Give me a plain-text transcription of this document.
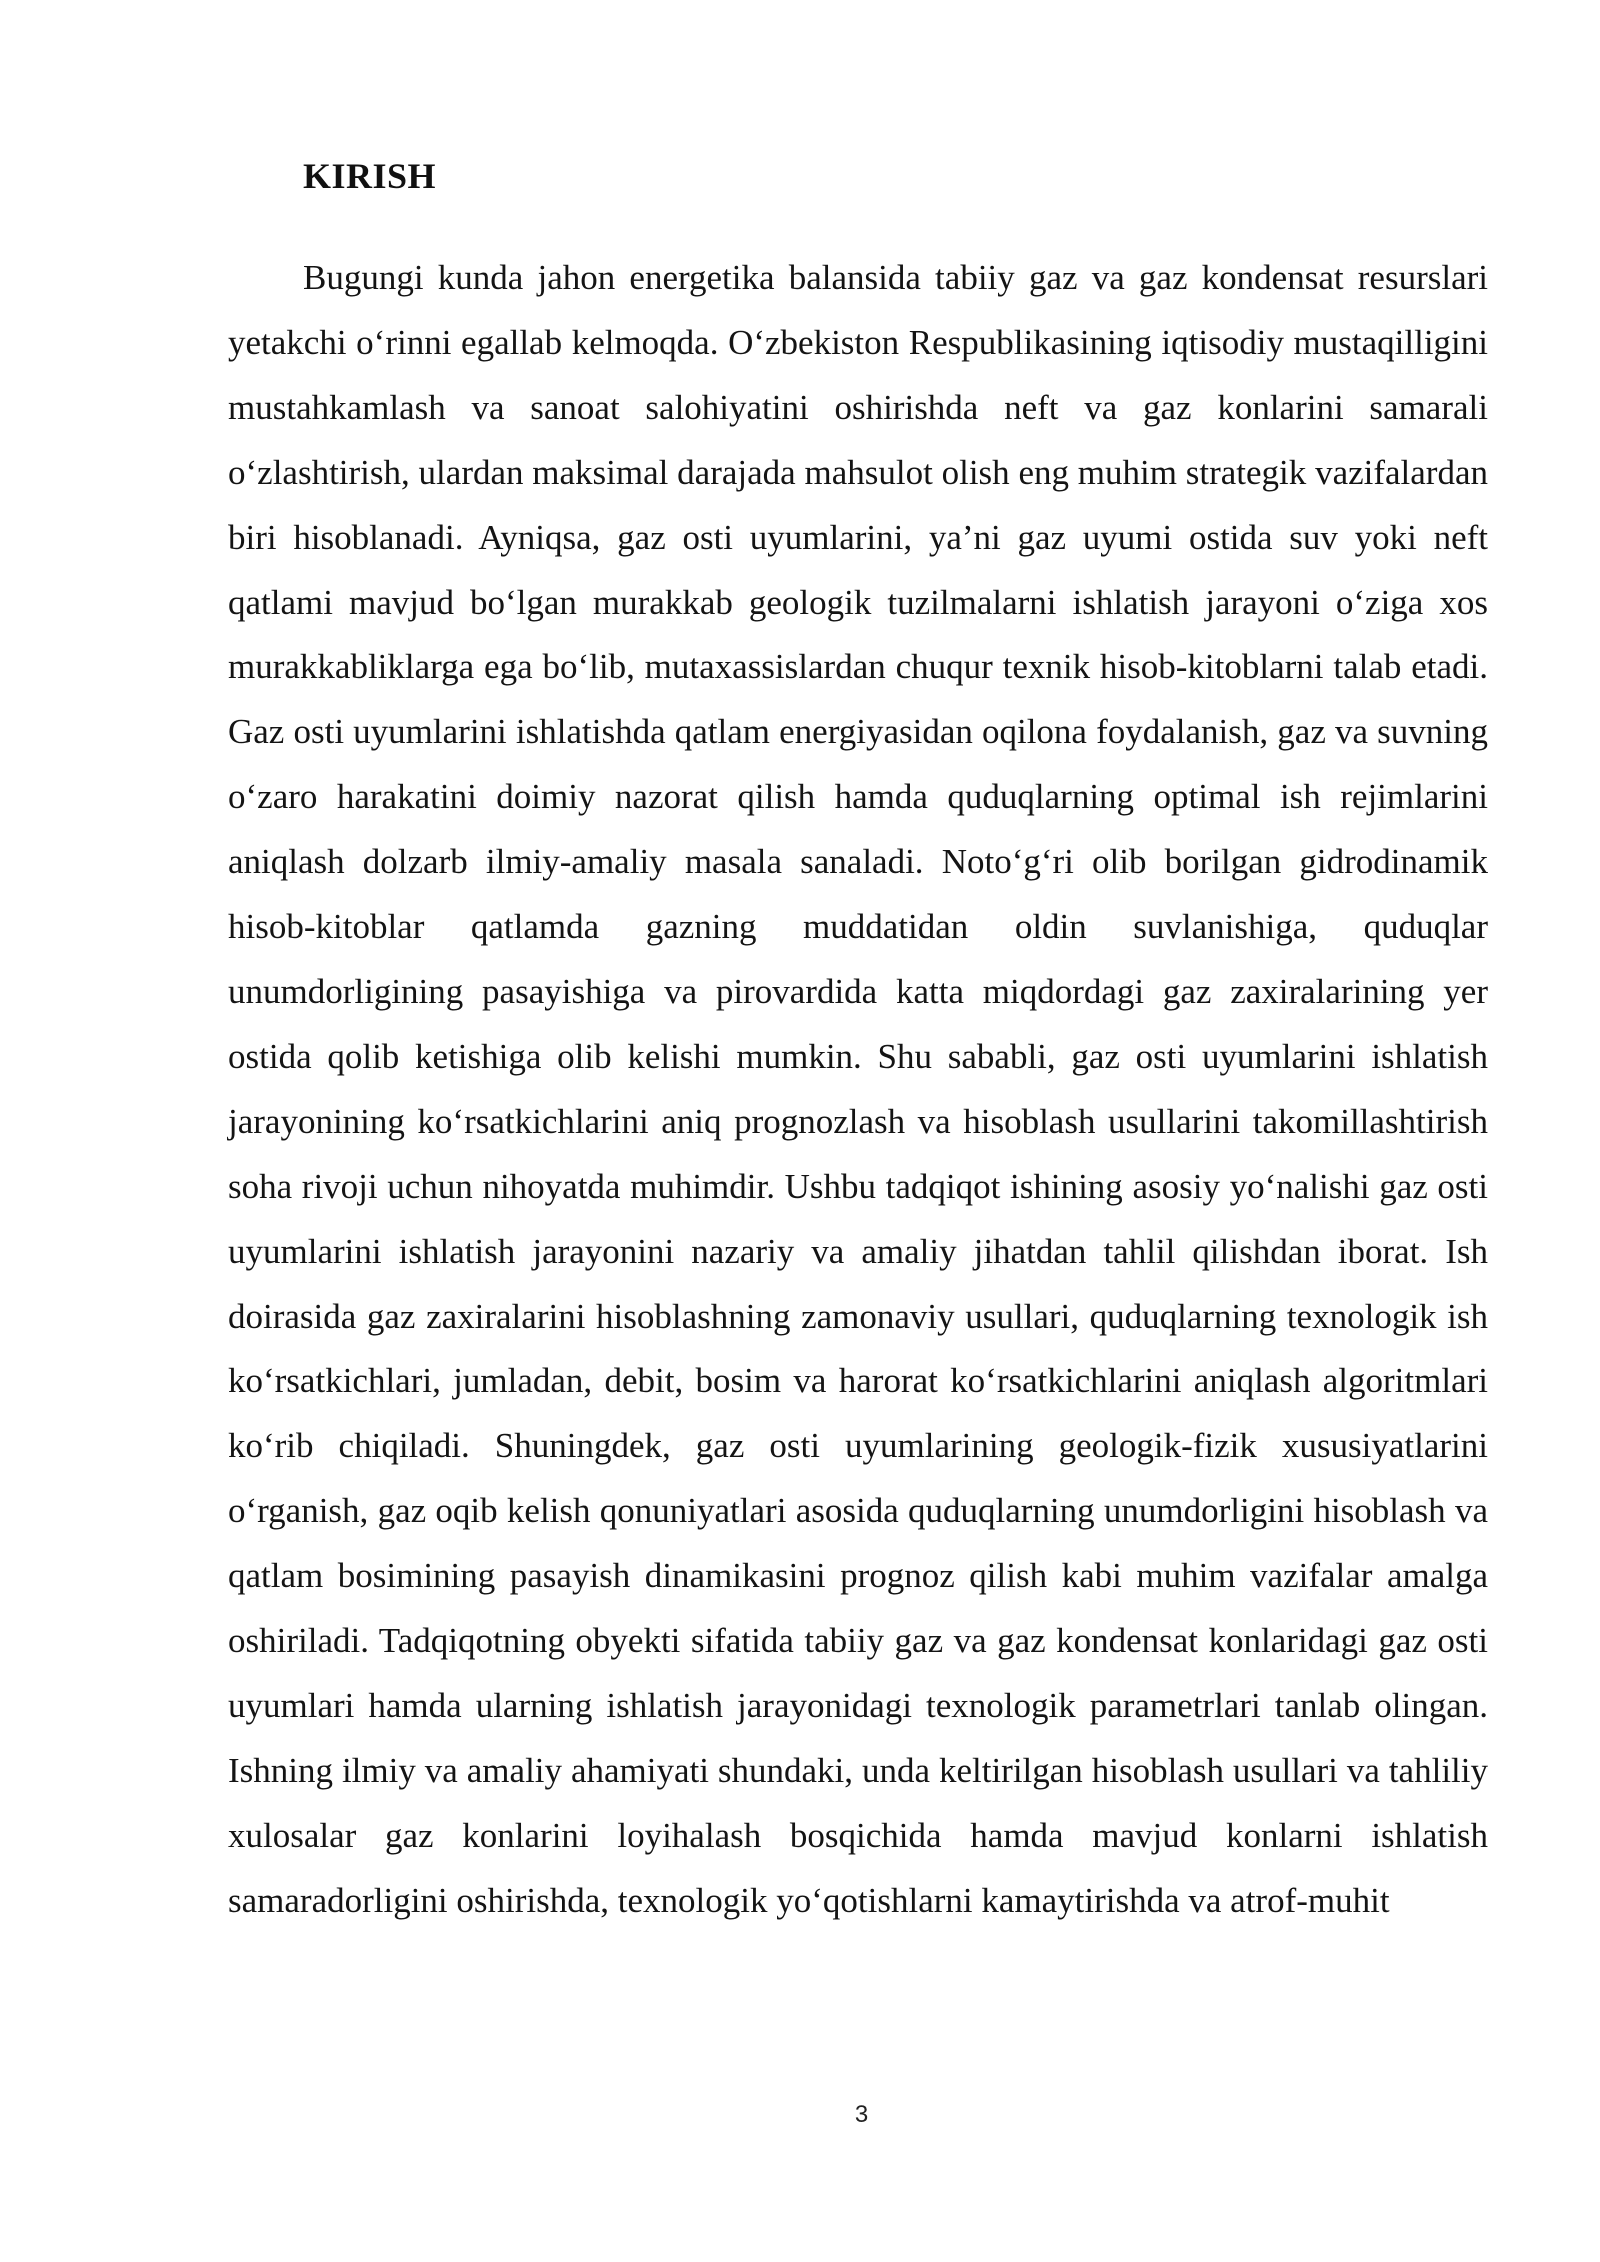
KIRISH

Bugungi kunda jahon energetika balansida tabiiy gaz va gaz kondensat resurslari yetakchi o‘rinni egallab kelmoqda. O‘zbekiston Respublikasining iqtisodiy mustaqilligini mustahkamlash va sanoat salohiyatini oshirishda neft va gaz konlarini samarali o‘zlashtirish, ulardan maksimal darajada mahsulot olish eng muhim strategik vazifalardan biri hisoblanadi. Ayniqsa, gaz osti uyumlarini, ya’ni gaz uyumi ostida suv yoki neft qatlami mavjud bo‘lgan murakkab geologik tuzilmalarni ishlatish jarayoni o‘ziga xos murakkabliklarga ega bo‘lib, mutaxassislardan chuqur texnik hisob-kitoblarni talab etadi. Gaz osti uyumlarini ishlatishda qatlam energiyasidan oqilona foydalanish, gaz va suvning o‘zaro harakatini doimiy nazorat qilish hamda quduqlarning optimal ish rejimlarini aniqlash dolzarb ilmiy-amaliy masala sanaladi. Noto‘g‘ri olib borilgan gidrodinamik hisob-kitoblar qatlamda gazning muddatidan oldin suvlanishiga, quduqlar unumdorligining pasayishiga va pirovardida katta miqdordagi gaz zaxiralarining yer ostida qolib ketishiga olib kelishi mumkin. Shu sababli, gaz osti uyumlarini ishlatish jarayonining ko‘rsatkichlarini aniq prognozlash va hisoblash usullarini takomillashtirish soha rivoji uchun nihoyatda muhimdir. Ushbu tadqiqot ishining asosiy yo‘nalishi gaz osti uyumlarini ishlatish jarayonini nazariy va amaliy jihatdan tahlil qilishdan iborat. Ish doirasida gaz zaxiralarini hisoblashning zamonaviy usullari, quduqlarning texnologik ish ko‘rsatkichlari, jumladan, debit, bosim va harorat ko‘rsatkichlarini aniqlash algoritmlari ko‘rib chiqiladi. Shuningdek, gaz osti uyumlarining geologik-fizik xususiyatlarini o‘rganish, gaz oqib kelish qonuniyatlari asosida quduqlarning unumdorligini hisoblash va qatlam bosimining pasayish dinamikasini prognoz qilish kabi muhim vazifalar amalga oshiriladi. Tadqiqotning obyekti sifatida tabiiy gaz va gaz kondensat konlaridagi gaz osti uyumlari hamda ularning ishlatish jarayonidagi texnologik parametrlari tanlab olingan. Ishning ilmiy va amaliy ahamiyati shundaki, unda keltirilgan hisoblash usullari va tahliliy xulosalar gaz konlarini loyihalash bosqichida hamda mavjud konlarni ishlatish samaradorligini oshirishda, texnologik yo‘qotishlarni kamaytirishda va atrof-muhit

3
